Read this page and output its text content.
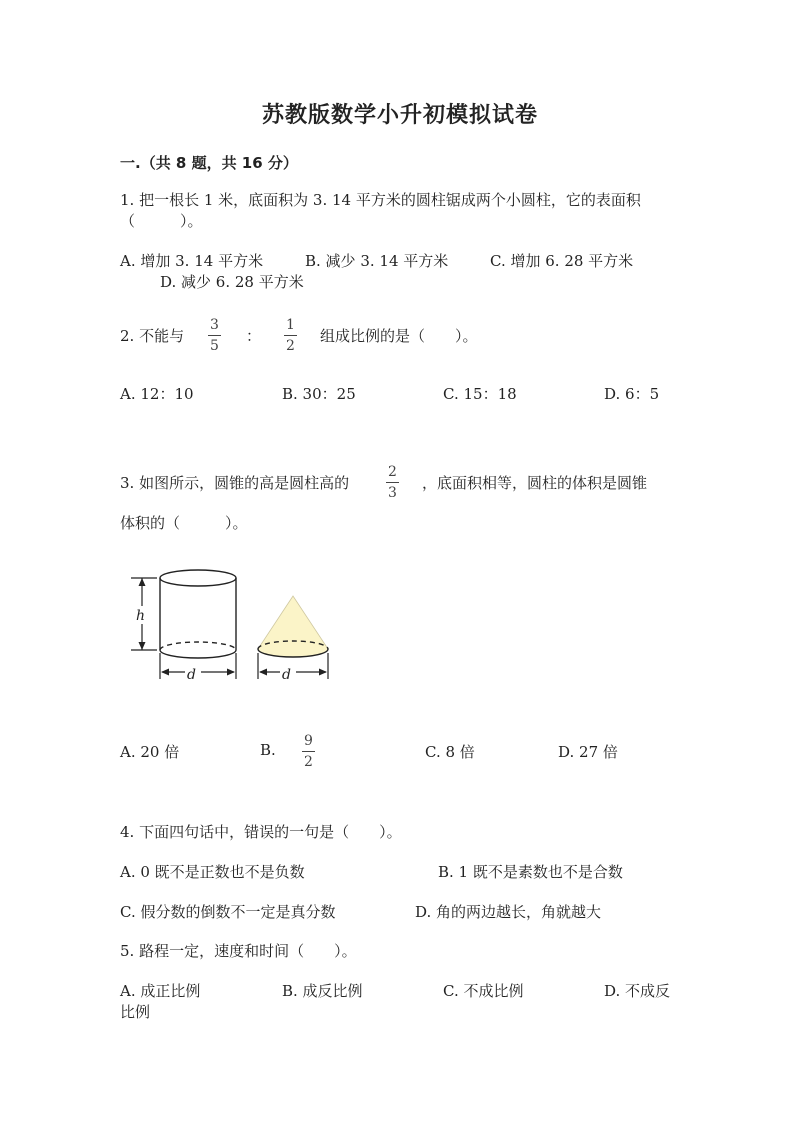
苏教版数学小升初模拟试卷
一.（共 8 题，共 16 分）
1. 把一根长 1 米，底面积为 3. 14 平方米的圆柱锯成两个小圆柱，它的表面积
（　　　）。
A. 增加 3. 14 平方米	B. 减少 3. 14 平方米	C. 增加 6. 28 平方米
D. 减少 6. 28 平方米
2. 不能与
3
5
：
1
2
组成比例的是（　　）。
A. 12：10	B. 30：25	C. 15：18	D. 6：5
3. 如图所示，圆锥的高是圆柱高的
2
3
，底面积相等，圆柱的体积是圆锥
体积的（　　　）。
h
d	d
A. 20 倍	B. 9
2
C. 8 倍	D. 27 倍
4. 下面四句话中，错误的一句是（　　）。
A. 0 既不是正数也不是负数	B. 1 既不是素数也不是合数
C. 假分数的倒数不一定是真分数	D. 角的两边越长，角就越大
5. 路程一定，速度和时间（　　）。
A. 成正比例	B. 成反比例	C. 不成比例	D. 不成反
比例
